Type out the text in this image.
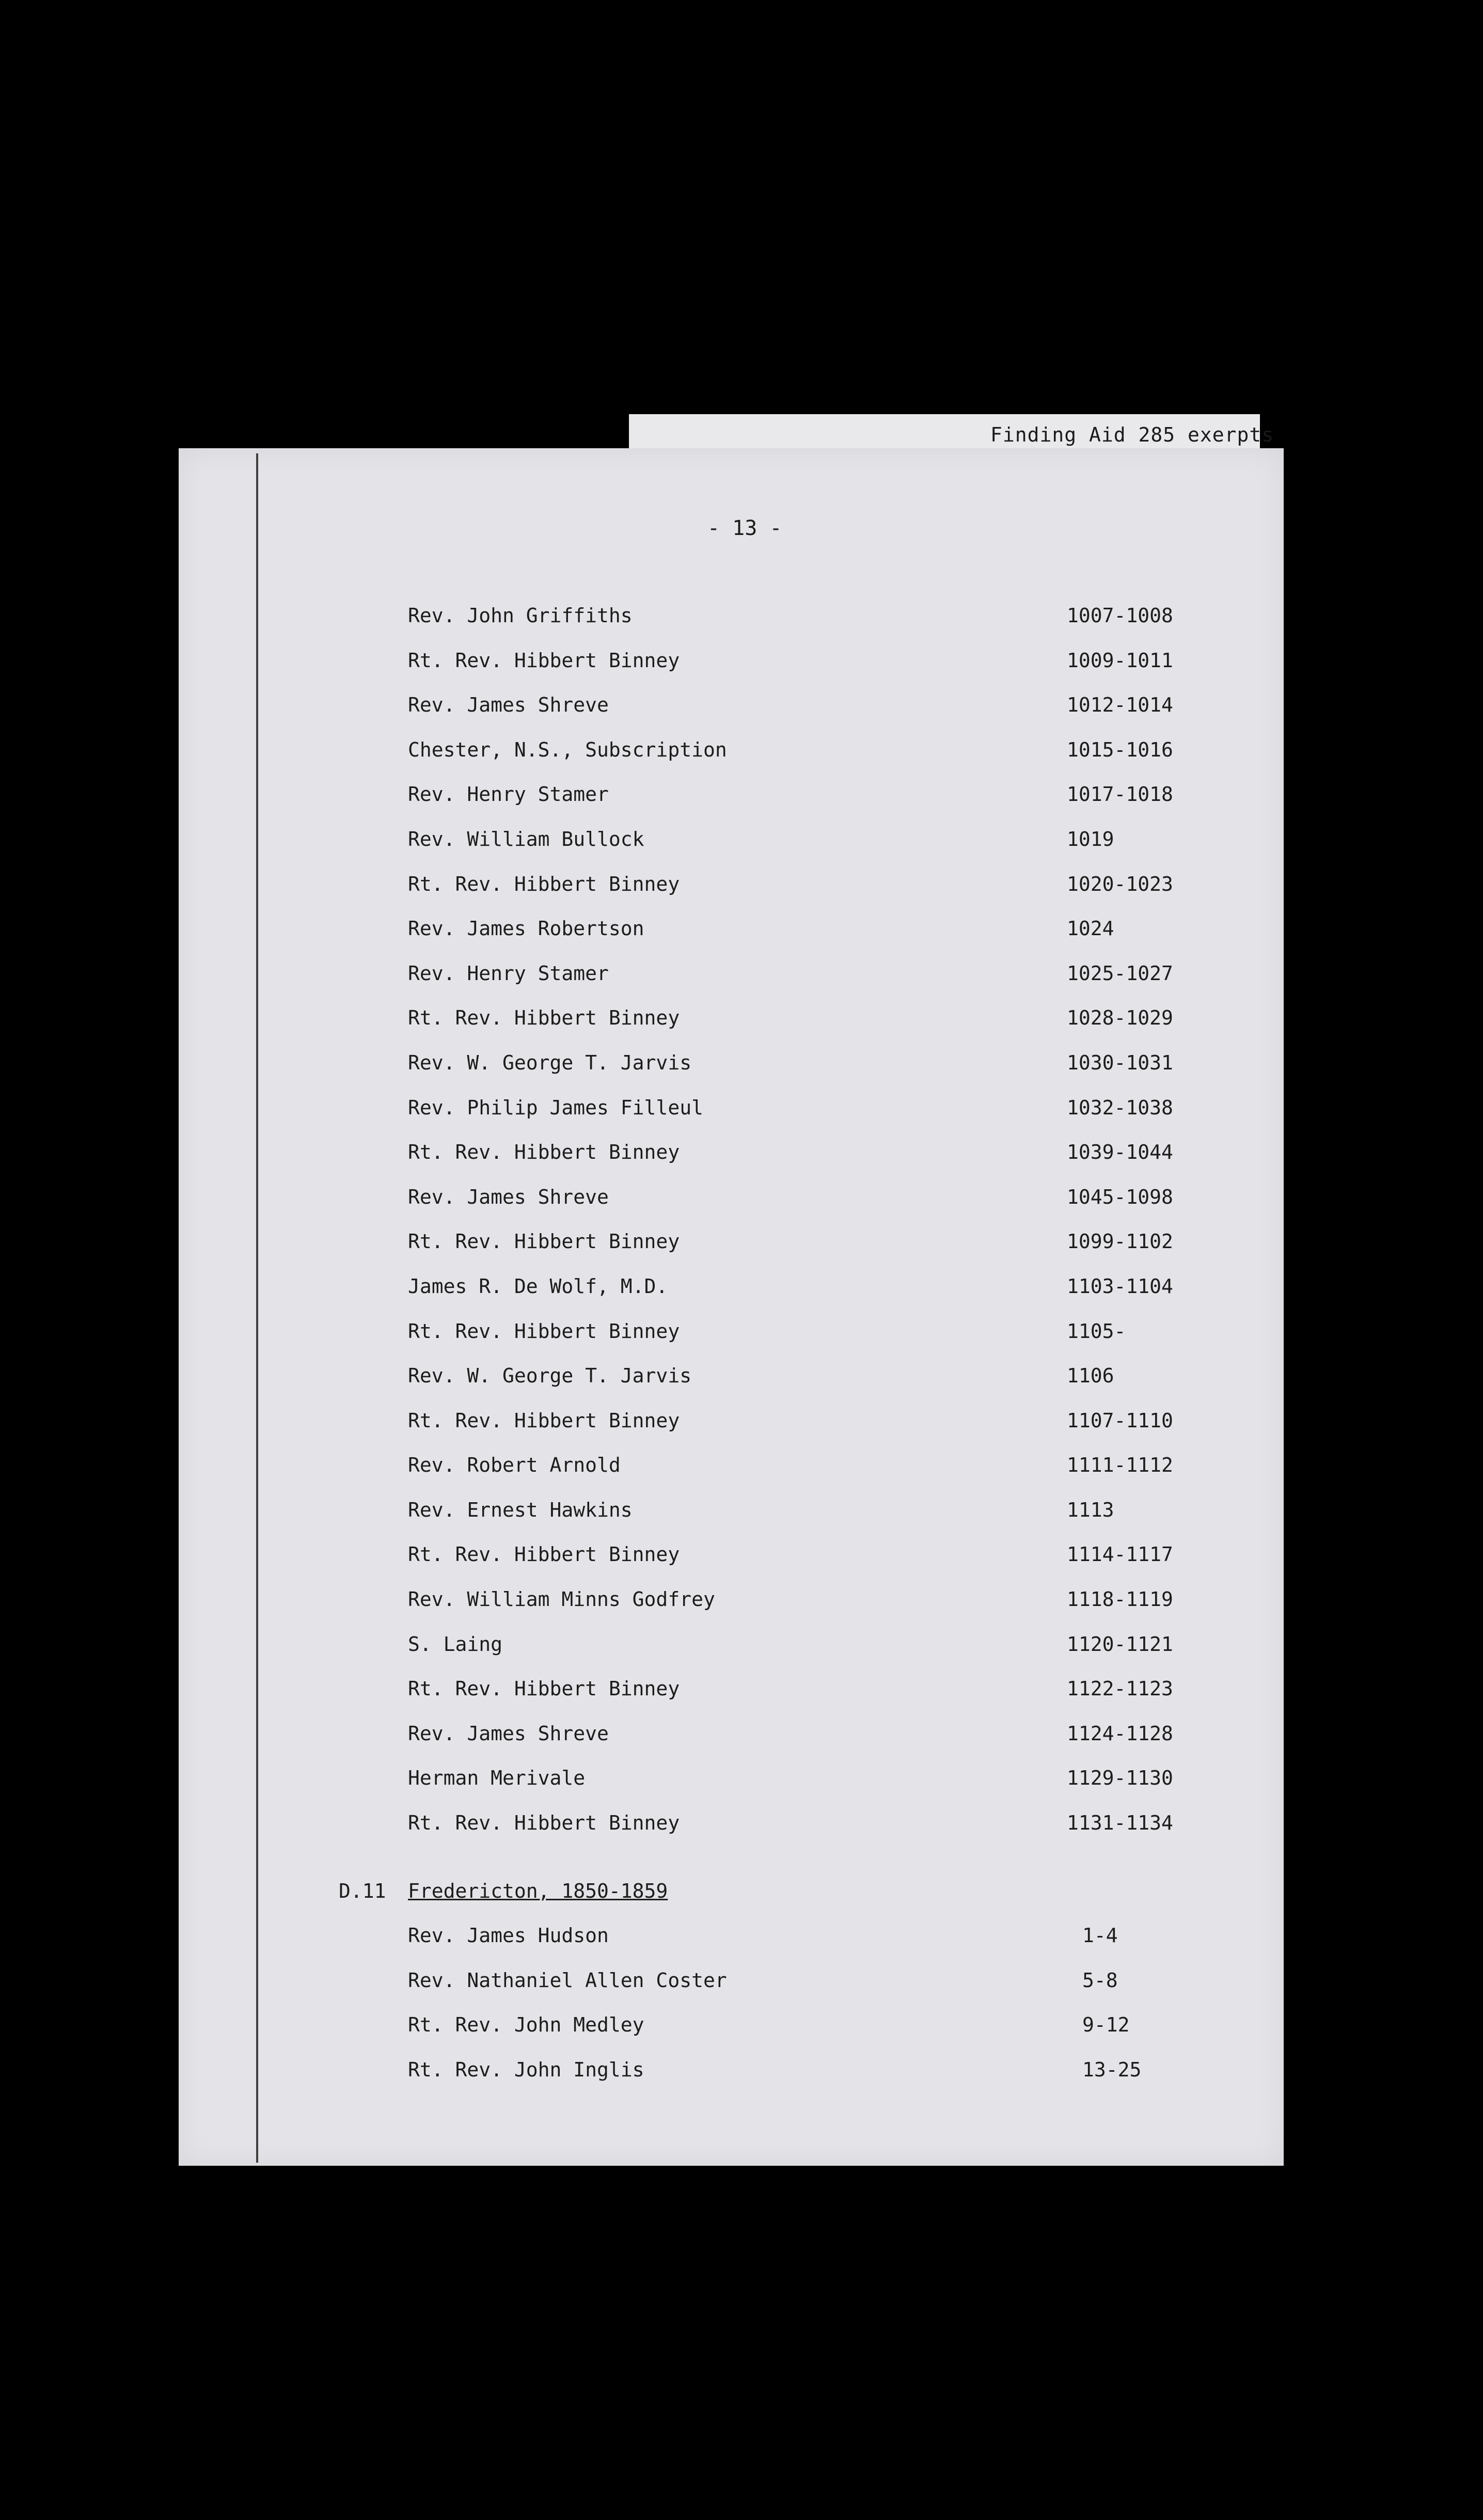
Finding Aid 285 exerpts
- 13 -
Rev. John Griffiths	1007-1008
Rt. Rev. Hibbert Binney	1009-1011
Rev. James Shreve	1012-1014
Chester, N.S., Subscription	1015-1016
Rev. Henry Stamer	1017-1018
Rev. William Bullock	1019
Rt. Rev. Hibbert Binney	1020-1023
Rev. James Robertson	1024
Rev. Henry Stamer	1025-1027
Rt. Rev. Hibbert Binney	1028-1029
Rev. W. George T. Jarvis	1030-1031
Rev. Philip James Filleul	1032-1038
Rt. Rev. Hibbert Binney	1039-1044
Rev. James Shreve	1045-1098
Rt. Rev. Hibbert Binney	1099-1102
James R. De Wolf, M.D.	1103-1104
Rt. Rev. Hibbert Binney	1105-
Rev. W. George T. Jarvis	1106
Rt. Rev. Hibbert Binney	1107-1110
Rev. Robert Arnold	1111-1112
Rev. Ernest Hawkins	1113
Rt. Rev. Hibbert Binney	1114-1117
Rev. William Minns Godfrey	1118-1119
S. Laing	1120-1121
Rt. Rev. Hibbert Binney	1122-1123
Rev. James Shreve	1124-1128
Herman Merivale	1129-1130
Rt. Rev. Hibbert Binney	1131-1134
D.11 Fredericton, 1850-1859
Rev. James Hudson	1-4
Rev. Nathaniel Allen Coster	5-8
Rt. Rev. John Medley	9-12
Rt. Rev. John Inglis	13-25
